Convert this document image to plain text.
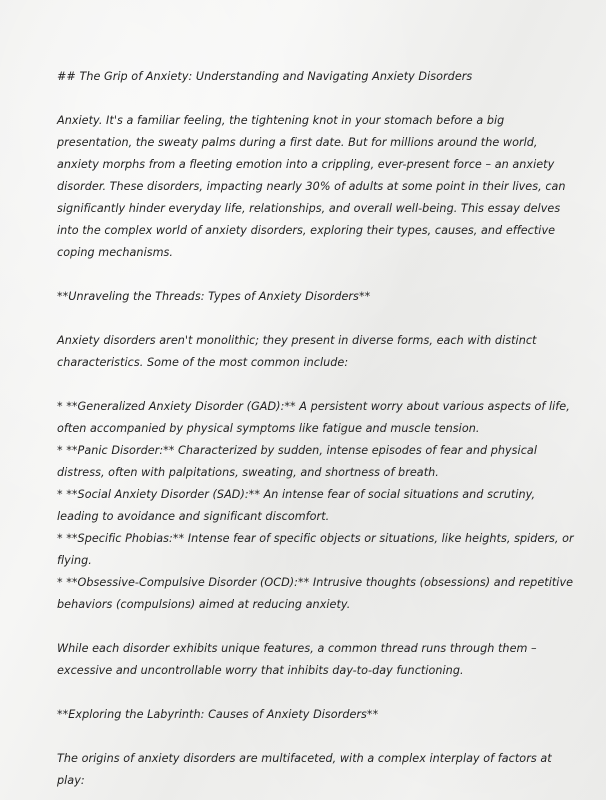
## The Grip of Anxiety: Understanding and Navigating Anxiety Disorders

Anxiety. It's a familiar feeling, the tightening knot in your stomach before a big presentation, the sweaty palms during a first date. But for millions around the world, anxiety morphs from a fleeting emotion into a crippling, ever-present force – an anxiety disorder. These disorders, impacting nearly 30% of adults at some point in their lives, can significantly hinder everyday life, relationships, and overall well-being. This essay delves into the complex world of anxiety disorders, exploring their types, causes, and effective coping mechanisms.

**Unraveling the Threads: Types of Anxiety Disorders**

Anxiety disorders aren't monolithic; they present in diverse forms, each with distinct characteristics. Some of the most common include:

* **Generalized Anxiety Disorder (GAD):** A persistent worry about various aspects of life, often accompanied by physical symptoms like fatigue and muscle tension.

* **Panic Disorder:** Characterized by sudden, intense episodes of fear and physical distress, often with palpitations, sweating, and shortness of breath.

* **Social Anxiety Disorder (SAD):** An intense fear of social situations and scrutiny, leading to avoidance and significant discomfort.

* **Specific Phobias:** Intense fear of specific objects or situations, like heights, spiders, or flying.

* **Obsessive-Compulsive Disorder (OCD):** Intrusive thoughts (obsessions) and repetitive behaviors (compulsions) aimed at reducing anxiety.

While each disorder exhibits unique features, a common thread runs through them – excessive and uncontrollable worry that inhibits day-to-day functioning.

**Exploring the Labyrinth: Causes of Anxiety Disorders**

The origins of anxiety disorders are multifaceted, with a complex interplay of factors at play:
